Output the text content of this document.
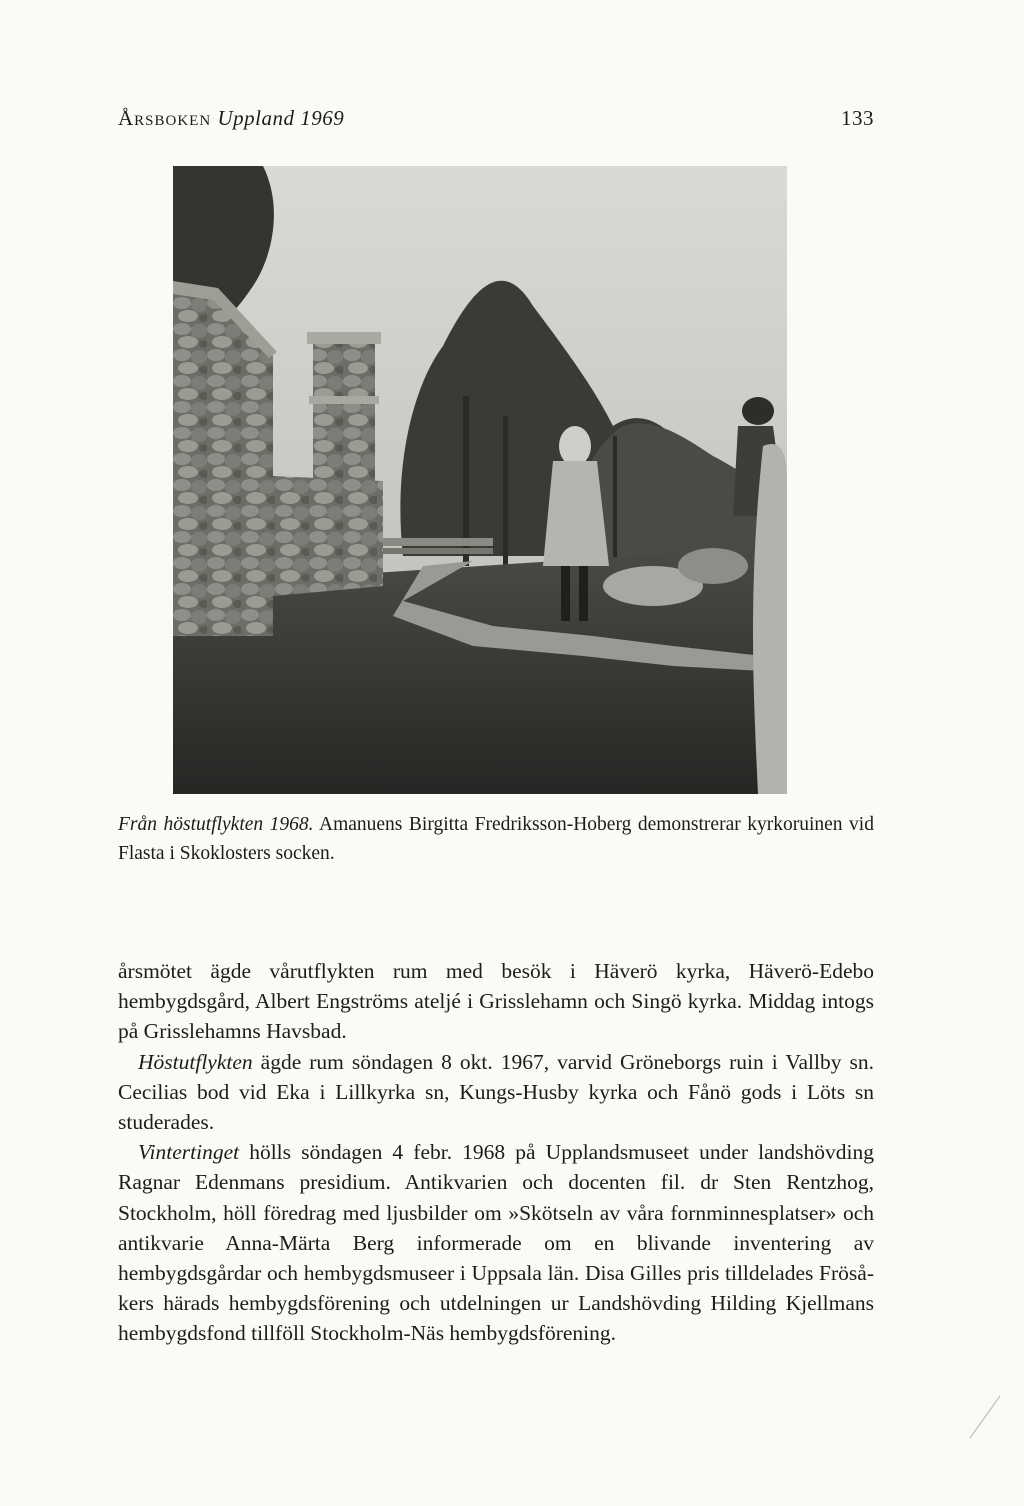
Årsboken Uppland 1969	133
Från höstutflykten 1968. Amanuens Birgitta Fredriksson-Hoberg demonstrerar kyrkoruinen vid Flasta i Skoklosters socken.

årsmötet ägde vårutflykten rum med besök i Häverö kyrka, Häverö-Edebo hembygdsgård, Albert Engströms ateljé i Grisslehamn och Singö kyrka. Middag intogs på Grisslehamns Havsbad.

Höstutflykten ägde rum söndagen 8 okt. 1967, varvid Gröneborgs ruin i Vallby sn. Cecilias bod vid Eka i Lillkyrka sn, Kungs-Husby kyrka och Fånö gods i Löts sn studerades.

Vintertinget hölls söndagen 4 febr. 1968 på Upplandsmuseet under landshövding Ragnar Edenmans presidium. Antikvarien och docenten fil. dr Sten Rentzhog, Stockholm, höll föredrag med ljusbilder om »Skötseln av våra fornminnesplatser» och antikvarie Anna-Märta Berg informerade om en blivande inventering av hembygdsgårdar och hembygdsmuseer i Uppsala län. Disa Gilles pris tilldelades Frösåkers härads hembygdsförening och utdelningen ur Landshövding Hilding Kjellmans hembygdsfond tillföll Stockholm-Näs hembygdsförening.
